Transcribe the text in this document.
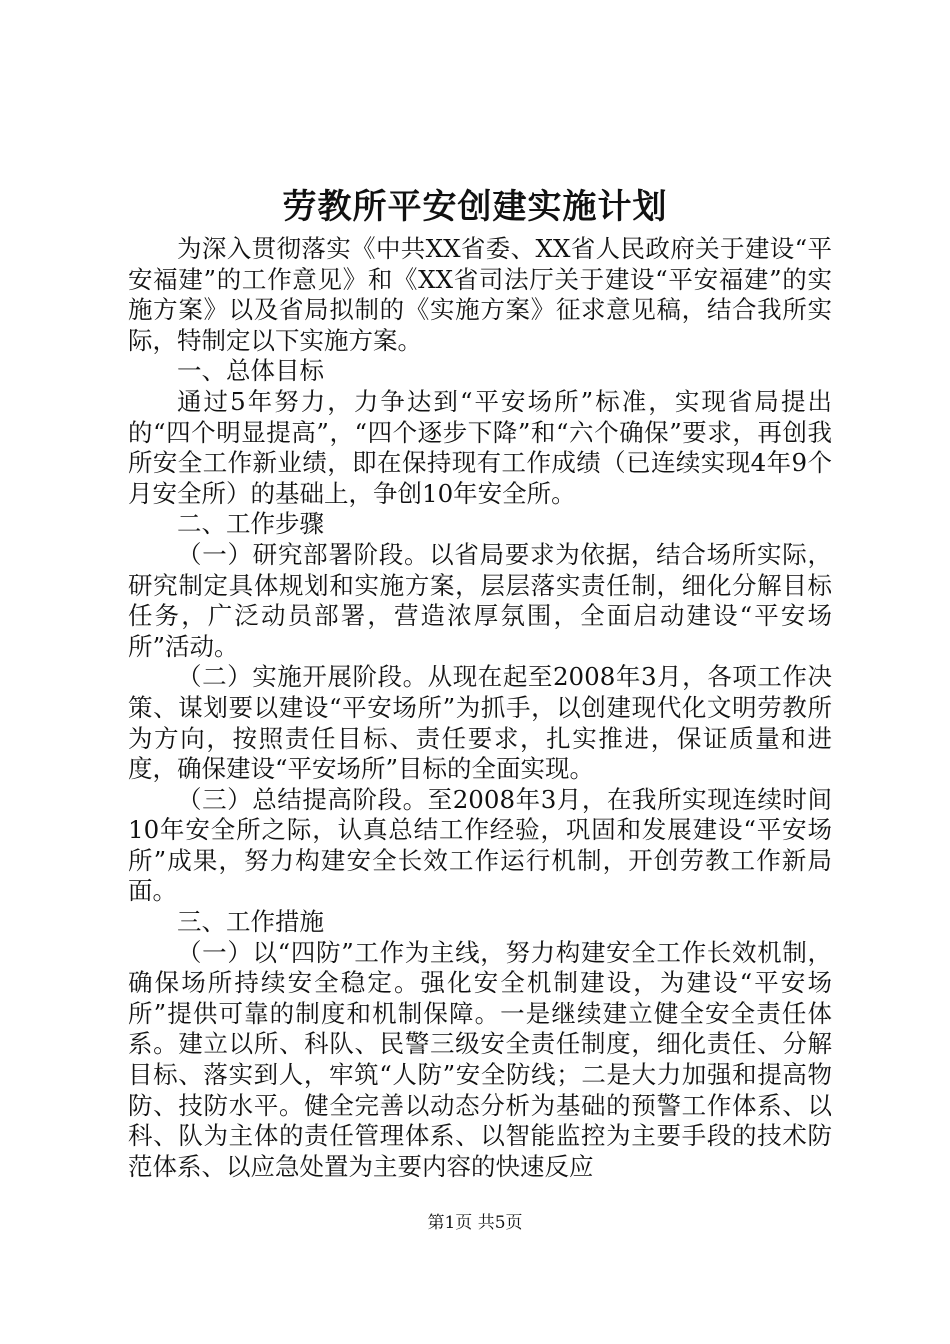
劳教所平安创建实施计划

为深入贯彻落实《中共XX省委、XX省人民政府关于建设“平安福建”的工作意见》和《XX省司法厅关于建设“平安福建”的实施方案》以及省局拟制的《实施方案》征求意见稿，结合我所实际，特制定以下实施方案。

一、总体目标

通过5年努力，力争达到“平安场所”标准，实现省局提出的“四个明显提高”，“四个逐步下降”和“六个确保”要求，再创我所安全工作新业绩，即在保持现有工作成绩（已连续实现4年9个月安全所）的基础上，争创10年安全所。

二、工作步骤

（一）研究部署阶段。以省局要求为依据，结合场所实际，研究制定具体规划和实施方案，层层落实责任制，细化分解目标任务，广泛动员部署，营造浓厚氛围，全面启动建设“平安场所”活动。

（二）实施开展阶段。从现在起至2008年3月，各项工作决策、谋划要以建设“平安场所”为抓手，以创建现代化文明劳教所为方向，按照责任目标、责任要求，扎实推进，保证质量和进度，确保建设“平安场所”目标的全面实现。

（三）总结提高阶段。至2008年3月，在我所实现连续时间10年安全所之际，认真总结工作经验，巩固和发展建设“平安场所”成果，努力构建安全长效工作运行机制，开创劳教工作新局面。

三、工作措施

（一）以“四防”工作为主线，努力构建安全工作长效机制，确保场所持续安全稳定。强化安全机制建设，为建设“平安场所”提供可靠的制度和机制保障。一是继续建立健全安全责任体系。建立以所、科队、民警三级安全责任制度，细化责任、分解目标、落实到人，牢筑“人防”安全防线；二是大力加强和提高物防、技防水平。健全完善以动态分析为基础的预警工作体系、以科、队为主体的责任管理体系、以智能监控为主要手段的技术防范体系、以应急处置为主要内容的快速反应

第1页 共5页
